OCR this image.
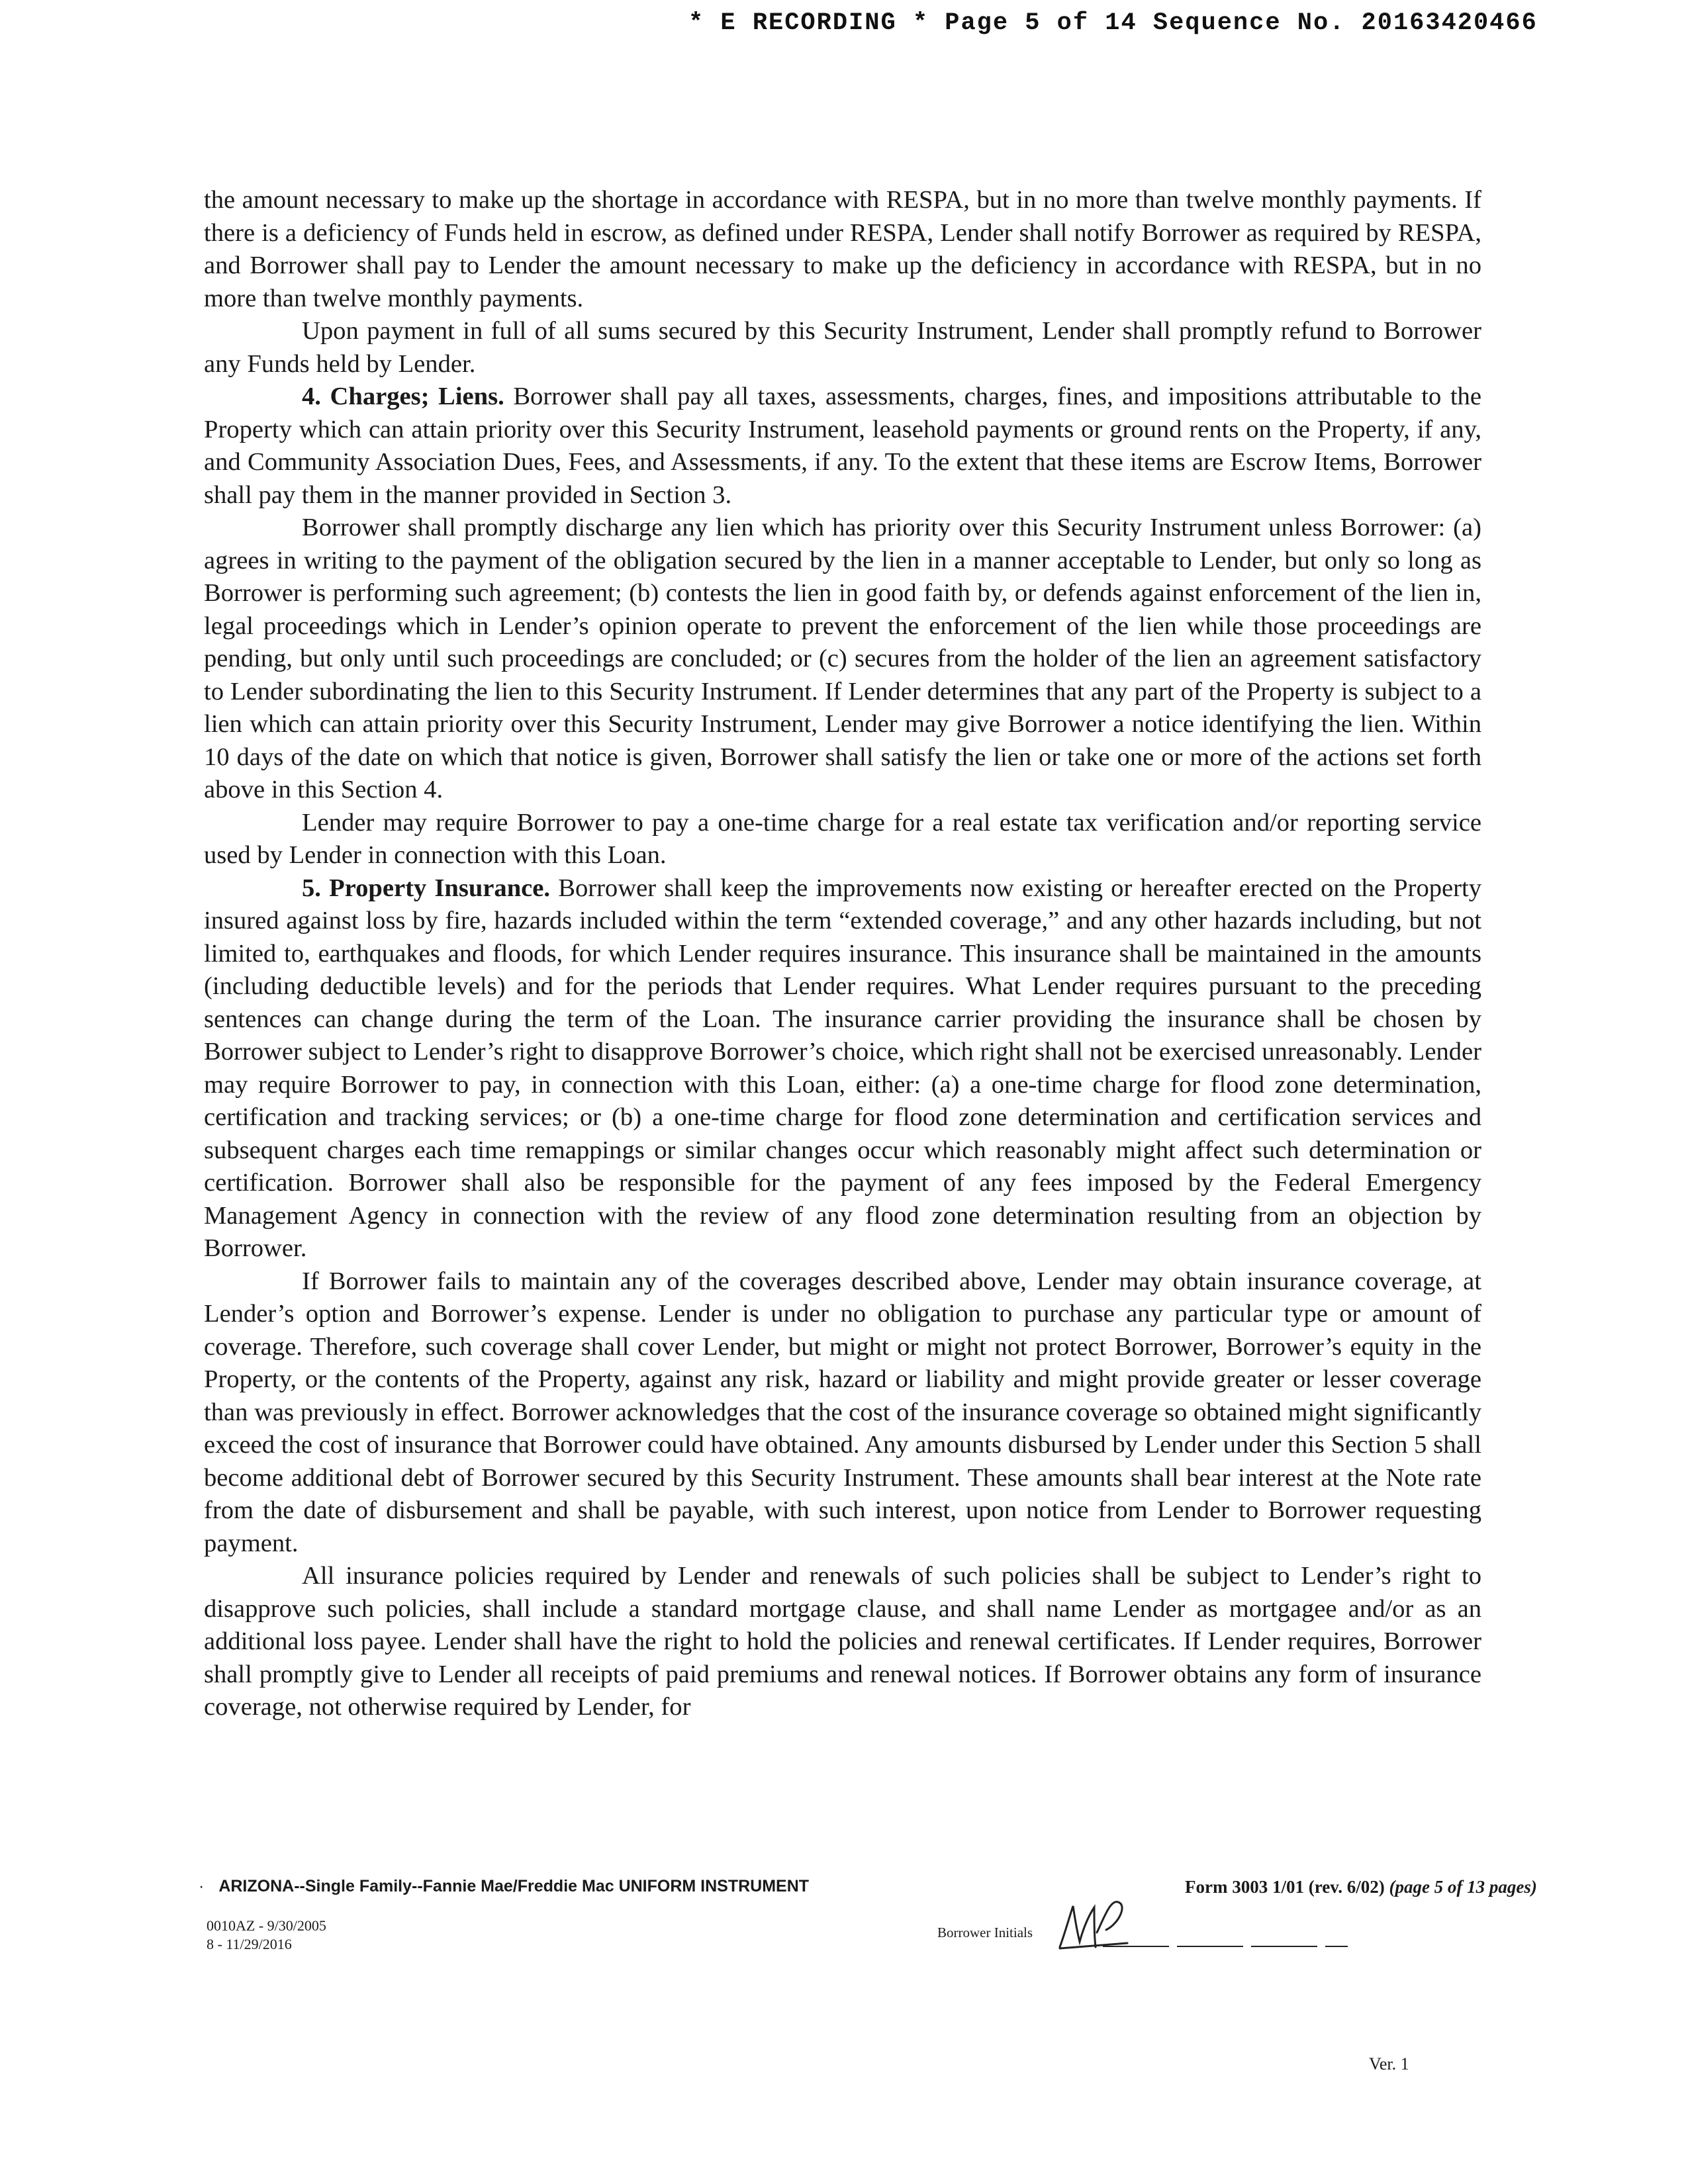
* E RECORDING * Page 5 of 14 Sequence No. 20163420466

the amount necessary to make up the shortage in accordance with RESPA, but in no more than twelve monthly payments. If there is a deficiency of Funds held in escrow, as defined under RESPA, Lender shall notify Borrower as required by RESPA, and Borrower shall pay to Lender the amount necessary to make up the deficiency in accordance with RESPA, but in no more than twelve monthly payments.

Upon payment in full of all sums secured by this Security Instrument, Lender shall promptly refund to Borrower any Funds held by Lender.

4. Charges; Liens. Borrower shall pay all taxes, assessments, charges, fines, and impositions attributable to the Property which can attain priority over this Security Instrument, leasehold payments or ground rents on the Property, if any, and Community Association Dues, Fees, and Assessments, if any. To the extent that these items are Escrow Items, Borrower shall pay them in the manner provided in Section 3.

Borrower shall promptly discharge any lien which has priority over this Security Instrument unless Borrower: (a) agrees in writing to the payment of the obligation secured by the lien in a manner acceptable to Lender, but only so long as Borrower is performing such agreement; (b) contests the lien in good faith by, or defends against enforcement of the lien in, legal proceedings which in Lender’s opinion operate to prevent the enforcement of the lien while those proceedings are pending, but only until such proceedings are concluded; or (c) secures from the holder of the lien an agreement satisfactory to Lender subordinating the lien to this Security Instrument. If Lender determines that any part of the Property is subject to a lien which can attain priority over this Security Instrument, Lender may give Borrower a notice identifying the lien. Within 10 days of the date on which that notice is given, Borrower shall satisfy the lien or take one or more of the actions set forth above in this Section 4.

Lender may require Borrower to pay a one-time charge for a real estate tax verification and/or reporting service used by Lender in connection with this Loan.

5. Property Insurance. Borrower shall keep the improvements now existing or hereafter erected on the Property insured against loss by fire, hazards included within the term “extended coverage,” and any other hazards including, but not limited to, earthquakes and floods, for which Lender requires insurance. This insurance shall be maintained in the amounts (including deductible levels) and for the periods that Lender requires. What Lender requires pursuant to the preceding sentences can change during the term of the Loan. The insurance carrier providing the insurance shall be chosen by Borrower subject to Lender’s right to disapprove Borrower’s choice, which right shall not be exercised unreasonably. Lender may require Borrower to pay, in connection with this Loan, either: (a) a one-time charge for flood zone determination, certification and tracking services; or (b) a one-time charge for flood zone determination and certification services and subsequent charges each time remappings or similar changes occur which reasonably might affect such determination or certification. Borrower shall also be responsible for the payment of any fees imposed by the Federal Emergency Management Agency in connection with the review of any flood zone determination resulting from an objection by Borrower.

If Borrower fails to maintain any of the coverages described above, Lender may obtain insurance coverage, at Lender’s option and Borrower’s expense. Lender is under no obligation to purchase any particular type or amount of coverage. Therefore, such coverage shall cover Lender, but might or might not protect Borrower, Borrower’s equity in the Property, or the contents of the Property, against any risk, hazard or liability and might provide greater or lesser coverage than was previously in effect. Borrower acknowledges that the cost of the insurance coverage so obtained might significantly exceed the cost of insurance that Borrower could have obtained. Any amounts disbursed by Lender under this Section 5 shall become additional debt of Borrower secured by this Security Instrument. These amounts shall bear interest at the Note rate from the date of disbursement and shall be payable, with such interest, upon notice from Lender to Borrower requesting payment.

All insurance policies required by Lender and renewals of such policies shall be subject to Lender’s right to disapprove such policies, shall include a standard mortgage clause, and shall name Lender as mortgagee and/or as an additional loss payee. Lender shall have the right to hold the policies and renewal certificates. If Lender requires, Borrower shall promptly give to Lender all receipts of paid premiums and renewal notices. If Borrower obtains any form of insurance coverage, not otherwise required by Lender, for

· ARIZONA--Single Family--Fannie Mae/Freddie Mac UNIFORM INSTRUMENT	Form 3003 1/01 (rev. 6/02) (page 5 of 13 pages)
0010AZ - 9/30/2005
8 - 11/29/2016
Borrower Initials
Ver. 1
